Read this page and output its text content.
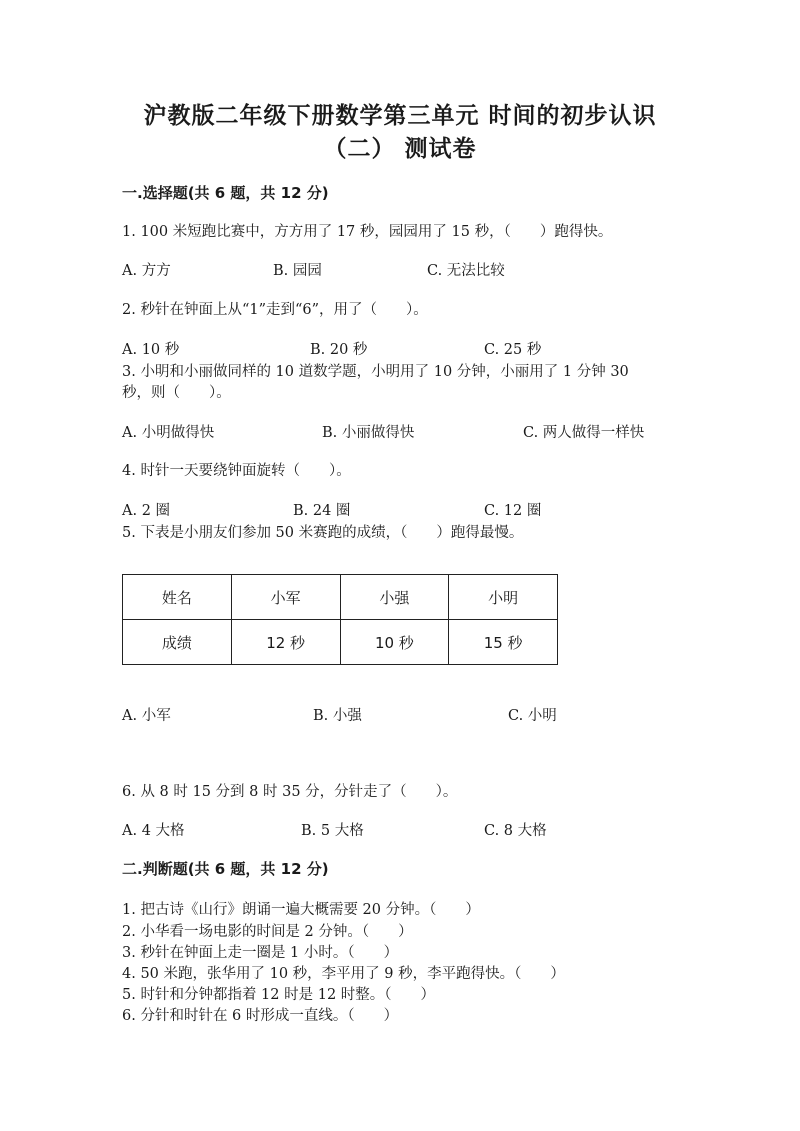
沪教版二年级下册数学第三单元 时间的初步认识
（二） 测试卷
一.选择题(共 6 题，共 12 分)
1. 100 米短跑比赛中，方方用了 17 秒，园园用了 15 秒，（　　）跑得快。
A. 方方	B. 园园	C. 无法比较
2. 秒针在钟面上从“1”走到“6”，用了（　　）。
A. 10 秒	B. 20 秒	C. 25 秒
3. 小明和小丽做同样的 10 道数学题，小明用了 10 分钟，小丽用了 1 分钟 30
秒，则（　　）。
A. 小明做得快	B. 小丽做得快	C. 两人做得一样快
4. 时针一天要绕钟面旋转（　　）。
A. 2 圈	B. 24 圈	C. 12 圈
5. 下表是小朋友们参加 50 米赛跑的成绩，（　　）跑得最慢。
姓名	小军	小强	小明
成绩	12 秒	10 秒	15 秒
A. 小军	B. 小强	C. 小明
6. 从 8 时 15 分到 8 时 35 分，分针走了（　　）。
A. 4 大格	B. 5 大格	C. 8 大格
二.判断题(共 6 题，共 12 分)
1. 把古诗《山行》朗诵一遍大概需要 20 分钟。（　　）
2. 小华看一场电影的时间是 2 分钟。（　　）
3. 秒针在钟面上走一圈是 1 小时。（　　）
4. 50 米跑，张华用了 10 秒，李平用了 9 秒，李平跑得快。（　　）
5. 时针和分钟都指着 12 时是 12 时整。（　　）
6. 分针和时针在 6 时形成一直线。（　　）
